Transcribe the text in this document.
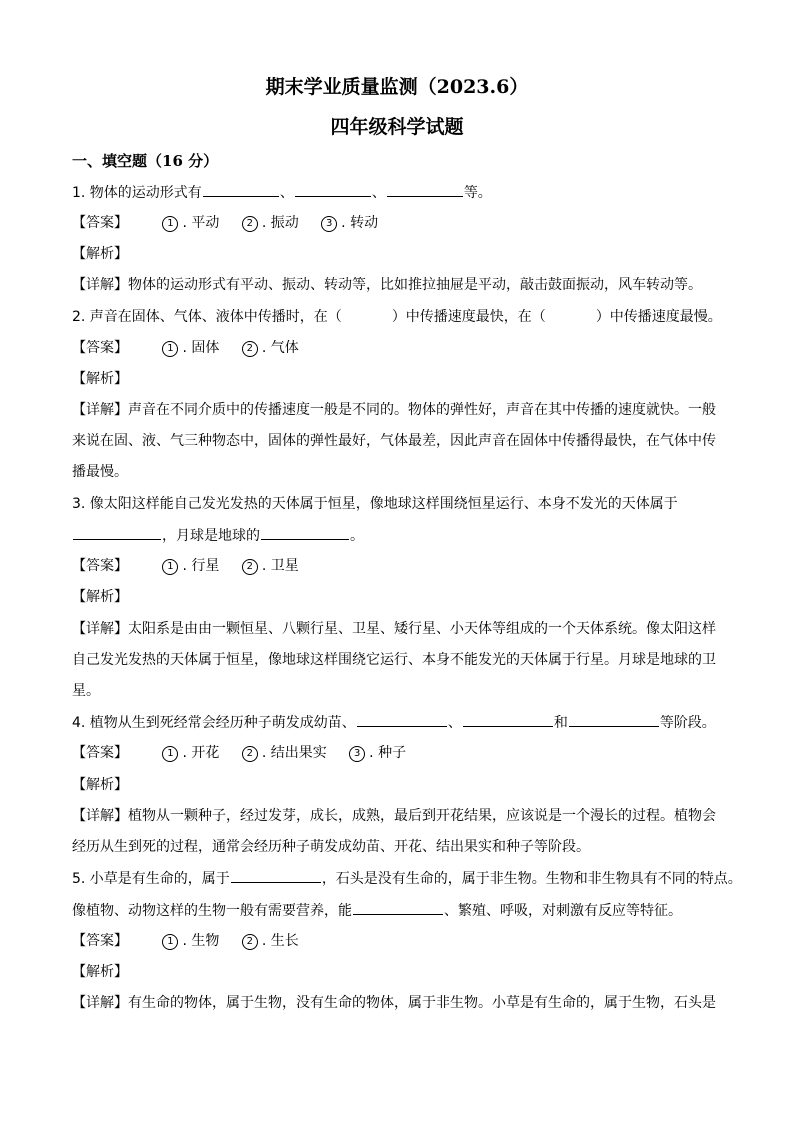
期末学业质量监测（2023.6）
四年级科学试题
一、填空题（16 分）
1. 物体的运动形式有	、	、	等。
【答案】	1 . 平动	2 . 振动	3 . 转动
【解析】
【详解】物体的运动形式有平动、振动、转动等，比如推拉抽屉是平动，敲击鼓面振动，风车转动等。
2. 声音在固体、气体、液体中传播时，在（	）中传播速度最快，在（	）中传播速度最慢。
【答案】	1 . 固体	2 . 气体
【解析】
【详解】声音在不同介质中的传播速度一般是不同的。物体的弹性好，声音在其中传播的速度就快。一般
来说在固、液、气三种物态中，固体的弹性最好，气体最差，因此声音在固体中传播得最快，在气体中传
播最慢。
3. 像太阳这样能自己发光发热的天体属于恒星，像地球这样围绕恒星运行、本身不发光的天体属于
，月球是地球的	。
【答案】	1 . 行星	2 . 卫星
【解析】
【详解】太阳系是由由一颗恒星、八颗行星、卫星、矮行星、小天体等组成的一个天体系统。像太阳这样
自己发光发热的天体属于恒星，像地球这样围绕它运行、本身不能发光的天体属于行星。月球是地球的卫
星。
4. 植物从生到死经常会经历种子萌发成幼苗、	、	和	等阶段。
【答案】	1 . 开花	2 . 结出果实	3 . 种子
【解析】
【详解】植物从一颗种子，经过发芽，成长，成熟，最后到开花结果，应该说是一个漫长的过程。植物会
经历从生到死的过程，通常会经历种子萌发成幼苗、开花、结出果实和种子等阶段。
5. 小草是有生命的，属于	，石头是没有生命的，属于非生物。生物和非生物具有不同的特点。
像植物、动物这样的生物一般有需要营养，能	、繁殖、呼吸，对刺激有反应等特征。
【答案】	1 . 生物	2 . 生长
【解析】
【详解】有生命的物体，属于生物，没有生命的物体，属于非生物。小草是有生命的，属于生物，石头是
